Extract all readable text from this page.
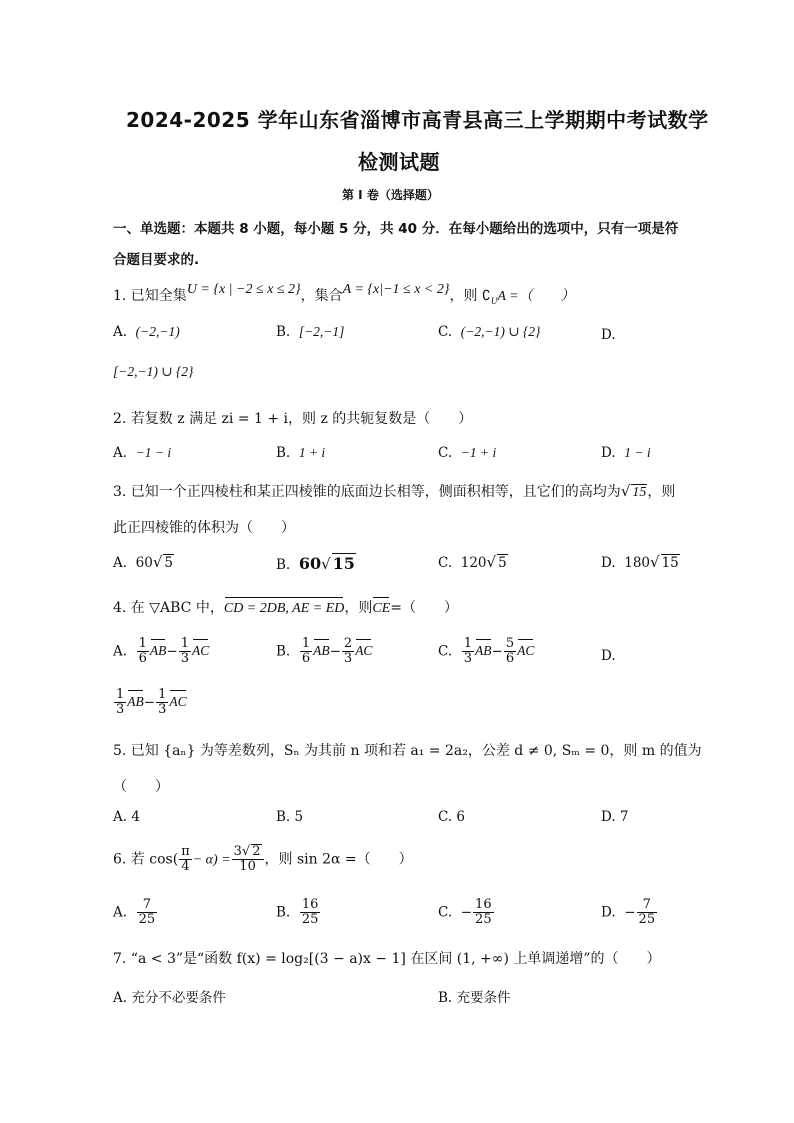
2024-2025 学年山东省淄博市高青县高三上学期期中考试数学
检测试题
第 I 卷（选择题）
一、单选题：本题共 8 小题，每小题 5 分，共 40 分．在每小题给出的选项中，只有一项是符
合题目要求的.
1. 已知全集U = {x | −2 ≤ x ≤ 2}，集合A = {x|−1 ≤ x < 2}，则 $∁_UA$ =（　　）
A. (−2,−1)	B. [−2,−1]	C. (−2,−1) ∪ {2}	D.
[−2,−1) ∪ {2}
2. 若复数 z 满足 zi = 1 + i，则 z 的共轭复数是（　　）
A. −1 − i	B. 1 + i	C. −1 + i	D. 1 − i
3. 已知一个正四棱柱和某正四棱锥的底面边长相等，侧面积相等，且它们的高均为√ 15，则
此正四棱锥的体积为（　　）
A. 60√ 5	B. 60√ 15	C. 120√ 5	D. 180√ 15
4. 在 ▽ABC 中，CD = 2DB, AE = ED，则CE=（　　）
A. $\frac{1}{6} AB- \frac{1}{3}$ AC	B. $\frac{1}{6} AB- \frac{2}{3}$ AC	C. $\frac{1}{3} AB- \frac{5}{6}$ AC	D.
$\frac{1}{3} AB- \frac{1}{3}$ AC
5. 已知 {aₙ} 为等差数列，Sₙ 为其前 n 项和若 a₁ = 2a₂，公差 d ≠ 0, Sₘ = 0，则 m 的值为
（　　）
A. 4	B. 5	C. 6	D. 7
6. 若 $\cos( \frac{\pi}{4} - \alpha) = \frac{3√ 2}{10}$ ，则 sin 2α =（　　）
A. $\frac{7}{25}$	B. $\frac{16}{25}$	C. − $\frac{16}{25}$	D. − $\frac{7}{25}$
7. “a < 3”是“函数 f(x) = log₂[(3 − a)x − 1] 在区间 (1, +∞) 上单调递增”的（　　）
A. 充分不必要条件	B. 充要条件
